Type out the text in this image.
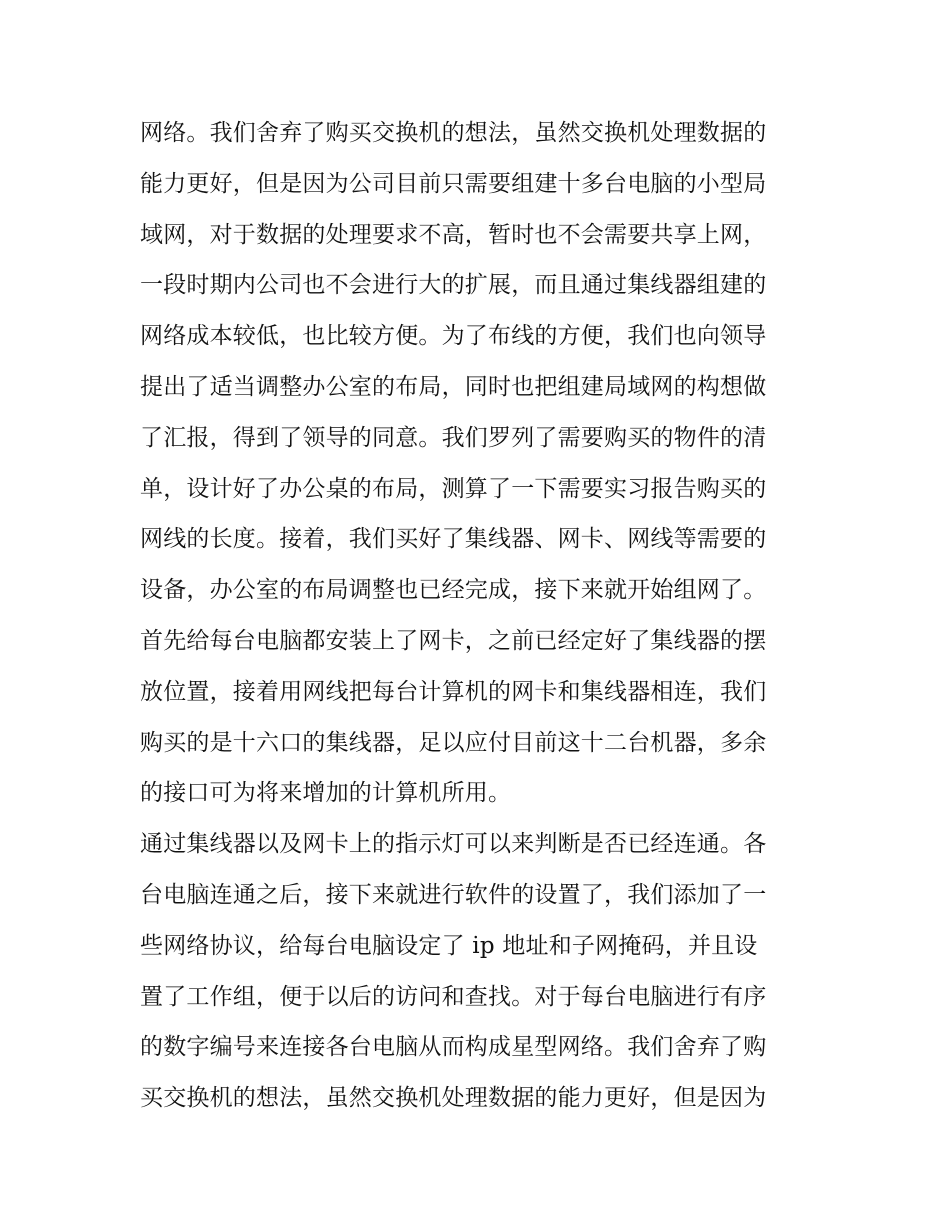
网络。我们舍弃了购买交换机的想法，虽然交换机处理数据的
能力更好，但是因为公司目前只需要组建十多台电脑的小型局
域网，对于数据的处理要求不高，暂时也不会需要共享上网，
一段时期内公司也不会进行大的扩展，而且通过集线器组建的
网络成本较低，也比较方便。为了布线的方便，我们也向领导
提出了适当调整办公室的布局，同时也把组建局域网的构想做
了汇报，得到了领导的同意。我们罗列了需要购买的物件的清
单，设计好了办公桌的布局，测算了一下需要实习报告购买的
网线的长度。接着，我们买好了集线器、网卡、网线等需要的
设备，办公室的布局调整也已经完成，接下来就开始组网了。
首先给每台电脑都安装上了网卡，之前已经定好了集线器的摆
放位置，接着用网线把每台计算机的网卡和集线器相连，我们
购买的是十六口的集线器，足以应付目前这十二台机器，多余
的接口可为将来增加的计算机所用。
通过集线器以及网卡上的指示灯可以来判断是否已经连通。各
台电脑连通之后，接下来就进行软件的设置了，我们添加了一
些网络协议，给每台电脑设定了 ip 地址和子网掩码，并且设
置了工作组，便于以后的访问和查找。对于每台电脑进行有序
的数字编号来连接各台电脑从而构成星型网络。我们舍弃了购
买交换机的想法，虽然交换机处理数据的能力更好，但是因为
